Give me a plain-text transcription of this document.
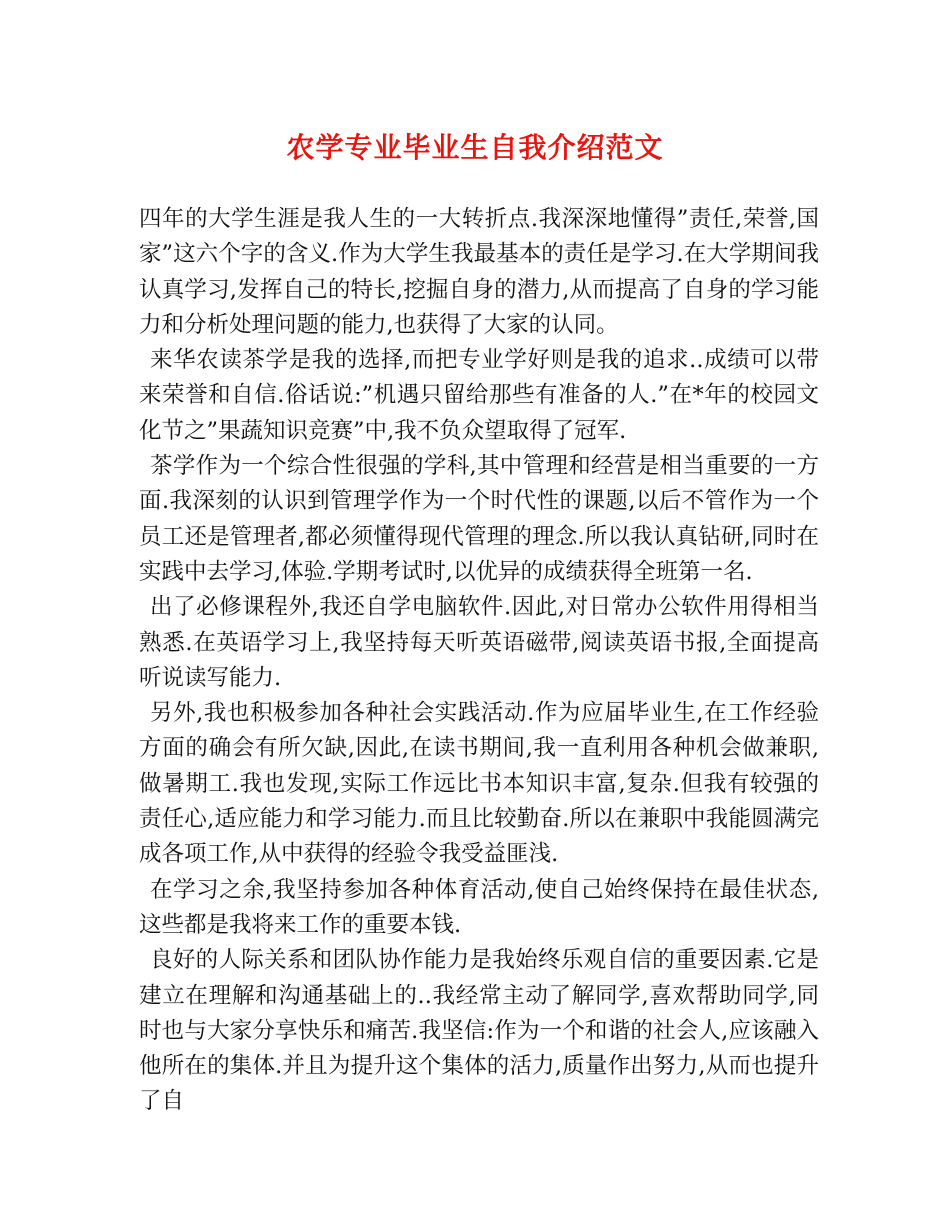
农学专业毕业生自我介绍范文

四年的大学生涯是我人生的一大转折点.我深深地懂得”责任,荣誉,国家”这六个字的含义.作为大学生我最基本的责任是学习.在大学期间我认真学习,发挥自己的特长,挖掘自身的潜力,从而提高了自身的学习能力和分析处理问题的能力,也获得了大家的认同。

来华农读茶学是我的选择,而把专业学好则是我的追求..成绩可以带来荣誉和自信.俗话说:”机遇只留给那些有准备的人.”在*年的校园文化节之”果蔬知识竞赛”中,我不负众望取得了冠军.

茶学作为一个综合性很强的学科,其中管理和经营是相当重要的一方面.我深刻的认识到管理学作为一个时代性的课题,以后不管作为一个员工还是管理者,都必须懂得现代管理的理念.所以我认真钻研,同时在实践中去学习,体验.学期考试时,以优异的成绩获得全班第一名.

出了必修课程外,我还自学电脑软件.因此,对日常办公软件用得相当熟悉.在英语学习上,我坚持每天听英语磁带,阅读英语书报,全面提高听说读写能力.

另外,我也积极参加各种社会实践活动.作为应届毕业生,在工作经验方面的确会有所欠缺,因此,在读书期间,我一直利用各种机会做兼职,做暑期工.我也发现,实际工作远比书本知识丰富,复杂.但我有较强的责任心,适应能力和学习能力.而且比较勤奋.所以在兼职中我能圆满完成各项工作,从中获得的经验令我受益匪浅.

在学习之余,我坚持参加各种体育活动,使自己始终保持在最佳状态,这些都是我将来工作的重要本钱.

良好的人际关系和团队协作能力是我始终乐观自信的重要因素.它是建立在理解和沟通基础上的..我经常主动了解同学,喜欢帮助同学,同时也与大家分享快乐和痛苦.我坚信:作为一个和谐的社会人,应该融入他所在的集体.并且为提升这个集体的活力,质量作出努力,从而也提升了自
